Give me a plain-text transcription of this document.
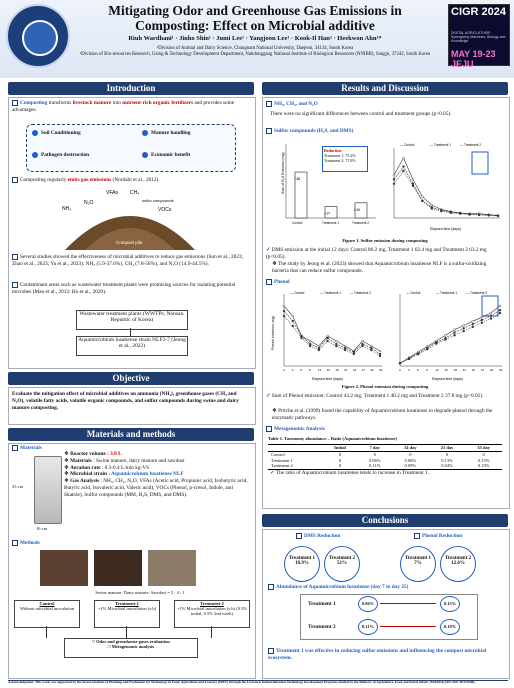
Mitigating Odor and Greenhouse Gas Emissions in Composting: Effect on Microbial additive
Riuh Wardhani¹ · Jinho Shin¹ · Jumi Lee¹ · Yangjoon Lee¹ · Kook-Il Han² · Heekwon Ahn¹*
¹Division of Animal and Dairy Science, Chungnam National University, Daejeon, 34134, South Korea
²Division of Bio-resources Research, Using & Technology Development Department, Nakdonggang National Institute of Biological Resources (NNIBR), Sangju, 37242, South Korea
CIGR 2024
DIGITAL AGRICULTURE: Synergizing Machines, Biology and Knowledge
MAY 19-23 JEJU
Introduction
Composting transforms livestock manure into nutrient-rich organic fertilizers and provides some advantages.
Soil Conditioning	Manure handling
Pathogen destruction	Economic benefit
Composting regularly emits gas emissions (Nordahl et al., 2012).
VFAs CH₄
NH₃
N₂O	sulfur compounds
VOCs
Compost pile
Several studies showed the effectiveness of microbial additives to reduce gas emissions (Sun et al., 2023; Zhao et al., 2023; Yu et al., 2023): NH₃ (5.9-37.6%), CH₄ (7.8-58%), and N₂O (14.9-44.5%).
Contaminant areas such as wastewater treatment plants were promising sources for isolating potential microbes (Mao et al., 2012; Ho et al., 2020).
Wastewater treatment plants (WWTPs, Nonsan, Republic of Korea)
Aquamicrobium lusatiense strain NLF2-7 (Jeong et al., 2022)
Objective
Evaluate the mitigation effect of microbial additives on ammonia (NH₃), greenhouse gases (CH₄ and N₂O), volatile fatty acids, volatile organic compounds, and sulfur compounds during swine and dairy manure composting.
Materials and methods
Materials
33 cm
16 cm
❖ Reactor volume : 3.8 L
❖ Materials : Swine manure, dairy manure and sawdust
❖ Aeration rate : 0.3-0.4 L/min kg-VS
❖ Microbial strain : Aquamicrobium lusatiense NLF
❖ Gas Analysis : NH₃, CH₄, N₂O, VFAs (Acetic acid, Propionic acid, Isobutyric acid, Butyric acid, Isovaleric acid, Valeric acid), VOCs (Phenol, p-cresol, Indole, and Skatole), Sulfur compounds (MM, H₂S, DMS, and DMS).
Methods
Swine manure: Dairy manure: Sawdust = 5 : 4 : 1
Control
Without microbial inoculation
Treatment-1
+1% Microbial inoculation (v.b)
Treatment-2
+1% Microbial inoculation (v.b) (0.5% initial, 0.5% 2nd week)
□ Odor and greenhouse gases evaluation
□ Metagenomic analysis
Results and Discussion
NH₃, CH₄, and N₂O
There were no significant differences between control and treatment groups (p>0.05).
Sulfur compounds (H₂S, and DMS)
Sum of H₂S Emission (mg)	7.88
Control
1.97
Treatment 1
2.60
Treatment 2
Elapsed time (days)
— Control	— Treatment 1	— Treatment 2
Reduction
Treatment 1: 75.2%
Treatment 2: 71.8%
Figure 1. Sulfur emission during composting
✓ DMS emission at the initial 12 days: Control 86.2 mg, Treatment 1 62.4 mg and Treatment 2 63.2 mg (p<0.05).
❖ The study by Jeong et al. (2023) showed that Aquamicrobium lusatiense NLF is a sulfur-oxidizing bacteria that can reduce sulfur compounds.
Phenol
Elapsed time (days)
Phenol emission (mg)
0 3 6 9 12 15 18 21 24 27 30 33
— Control	— Treatment 1	— Treatment 2
Elapsed time (days)
0 3 6 9 12 15 18 21 24 27 30 33
— Control	— Treatment 1	— Treatment 2
Figure 2. Phenol emission during composting
✓ Sum of Phenol emission: Control 43.2 mg, Treatment 1 40.2 mg and Treatment 2 37.8 mg (p<0.05).
❖ Pritche et al. (1999) found the capability of Aquamicrobium lusatiense to degrade phenol through the enzymatic pathways.
Metagenomic Analysis
Table 1. Taxonomy abundance – Ratio (Aquamicrobium lusatiense)
	Initial	7 day	14 day	21 day	35 day
Control	0	0	0	0	0
Treatment 1	0	0.06%	0.06%	0.13%	0.15%
Treatment 2	0	0.11%	0.09%	0.04%	0.10%
✓ The ratio of Aquamicrobium lusatiense tends to increase in Treatment 1.
Conclusions
DMS Reduction	Phenol Reduction
Treatment 1
16.9%
Treatment 2
51%
Treatment 1
7%
Treatment 2
12.6%
Abundance of Aquamicrobium lusatiense (day 7 to day 35)
Treatment 1	0.06%	0.15%
Treatment 2	0.11%	0.10%
Treatment 1 was effective in reducing sulfur emissions and influencing the compost microbial ecosystem.
Acknowledgment: This work was supported by the Korea Institute of Planning and Evaluation for Technology in Food, Agriculture and Forestry (IPET) through the Livestock Industrialization Technology Development Program, funded by the Ministry of Agriculture, Food and Rural Affairs (MAFRA) (RS-2021-IP321088).
